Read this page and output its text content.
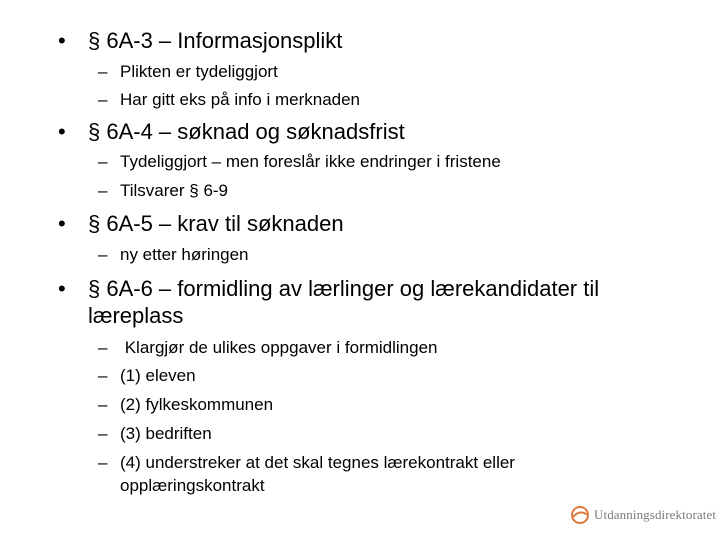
• § 6A-3 – Informasjonsplikt
– Plikten er tydeliggjort
– Har gitt eks på info i merknaden
• § 6A-4 – søknad og søknadsfrist
– Tydeliggjort – men foreslår ikke endringer i fristene
– Tilsvarer § 6-9
• § 6A-5 – krav til søknaden
– ny etter høringen
• § 6A-6 – formidling av lærlinger og lærekandidater til læreplass
– Klargjør de ulikes oppgaver i formidlingen
– (1) eleven
– (2) fylkeskommunen
– (3) bedriften
– (4) understreker at det skal tegnes lærekontrakt eller opplæringskontrakt
Utdanningsdirektoratet
